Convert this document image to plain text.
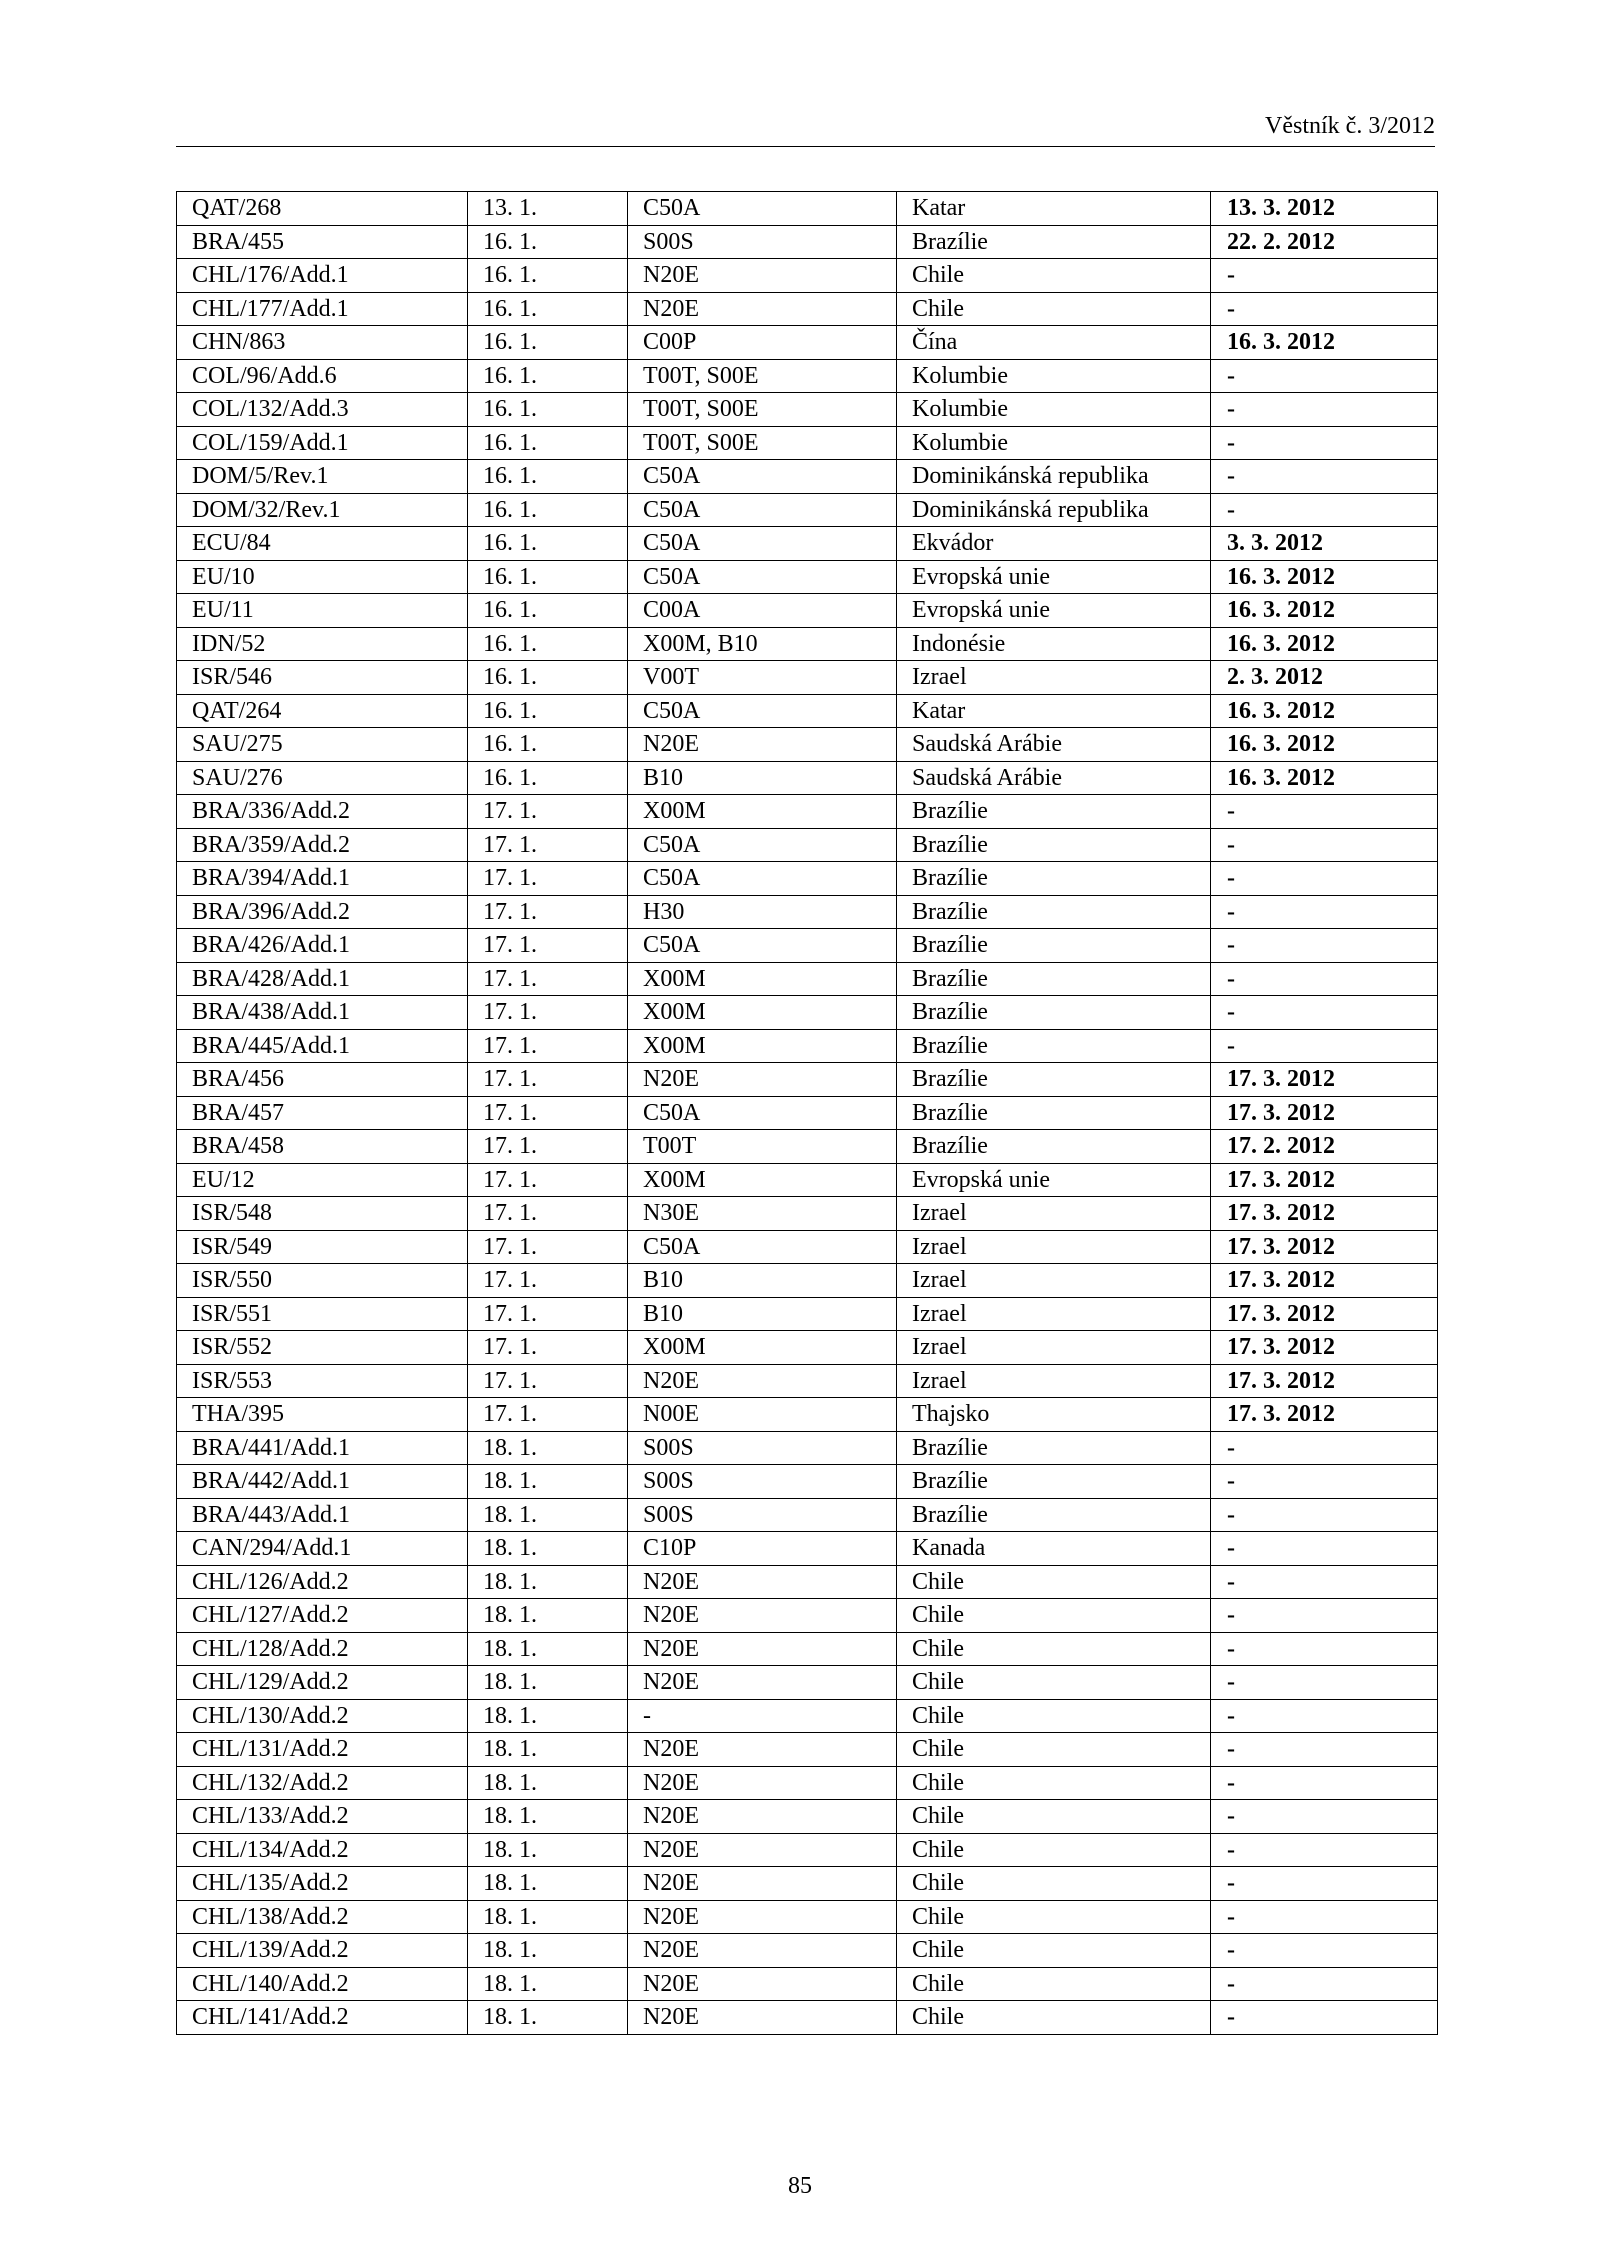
Věstník č. 3/2012
QAT/268	13. 1.	C50A	Katar	13. 3. 2012
BRA/455	16. 1.	S00S	Brazílie	22. 2. 2012
CHL/176/Add.1	16. 1.	N20E	Chile	-
CHL/177/Add.1	16. 1.	N20E	Chile	-
CHN/863	16. 1.	C00P	Čína	16. 3. 2012
COL/96/Add.6	16. 1.	T00T, S00E	Kolumbie	-
COL/132/Add.3	16. 1.	T00T, S00E	Kolumbie	-
COL/159/Add.1	16. 1.	T00T, S00E	Kolumbie	-
DOM/5/Rev.1	16. 1.	C50A	Dominikánská republika	-
DOM/32/Rev.1	16. 1.	C50A	Dominikánská republika	-
ECU/84	16. 1.	C50A	Ekvádor	3. 3. 2012
EU/10	16. 1.	C50A	Evropská unie	16. 3. 2012
EU/11	16. 1.	C00A	Evropská unie	16. 3. 2012
IDN/52	16. 1.	X00M, B10	Indonésie	16. 3. 2012
ISR/546	16. 1.	V00T	Izrael	2. 3. 2012
QAT/264	16. 1.	C50A	Katar	16. 3. 2012
SAU/275	16. 1.	N20E	Saudská Arábie	16. 3. 2012
SAU/276	16. 1.	B10	Saudská Arábie	16. 3. 2012
BRA/336/Add.2	17. 1.	X00M	Brazílie	-
BRA/359/Add.2	17. 1.	C50A	Brazílie	-
BRA/394/Add.1	17. 1.	C50A	Brazílie	-
BRA/396/Add.2	17. 1.	H30	Brazílie	-
BRA/426/Add.1	17. 1.	C50A	Brazílie	-
BRA/428/Add.1	17. 1.	X00M	Brazílie	-
BRA/438/Add.1	17. 1.	X00M	Brazílie	-
BRA/445/Add.1	17. 1.	X00M	Brazílie	-
BRA/456	17. 1.	N20E	Brazílie	17. 3. 2012
BRA/457	17. 1.	C50A	Brazílie	17. 3. 2012
BRA/458	17. 1.	T00T	Brazílie	17. 2. 2012
EU/12	17. 1.	X00M	Evropská unie	17. 3. 2012
ISR/548	17. 1.	N30E	Izrael	17. 3. 2012
ISR/549	17. 1.	C50A	Izrael	17. 3. 2012
ISR/550	17. 1.	B10	Izrael	17. 3. 2012
ISR/551	17. 1.	B10	Izrael	17. 3. 2012
ISR/552	17. 1.	X00M	Izrael	17. 3. 2012
ISR/553	17. 1.	N20E	Izrael	17. 3. 2012
THA/395	17. 1.	N00E	Thajsko	17. 3. 2012
BRA/441/Add.1	18. 1.	S00S	Brazílie	-
BRA/442/Add.1	18. 1.	S00S	Brazílie	-
BRA/443/Add.1	18. 1.	S00S	Brazílie	-
CAN/294/Add.1	18. 1.	C10P	Kanada	-
CHL/126/Add.2	18. 1.	N20E	Chile	-
CHL/127/Add.2	18. 1.	N20E	Chile	-
CHL/128/Add.2	18. 1.	N20E	Chile	-
CHL/129/Add.2	18. 1.	N20E	Chile	-
CHL/130/Add.2	18. 1.	-	Chile	-
CHL/131/Add.2	18. 1.	N20E	Chile	-
CHL/132/Add.2	18. 1.	N20E	Chile	-
CHL/133/Add.2	18. 1.	N20E	Chile	-
CHL/134/Add.2	18. 1.	N20E	Chile	-
CHL/135/Add.2	18. 1.	N20E	Chile	-
CHL/138/Add.2	18. 1.	N20E	Chile	-
CHL/139/Add.2	18. 1.	N20E	Chile	-
CHL/140/Add.2	18. 1.	N20E	Chile	-
CHL/141/Add.2	18. 1.	N20E	Chile	-
85
